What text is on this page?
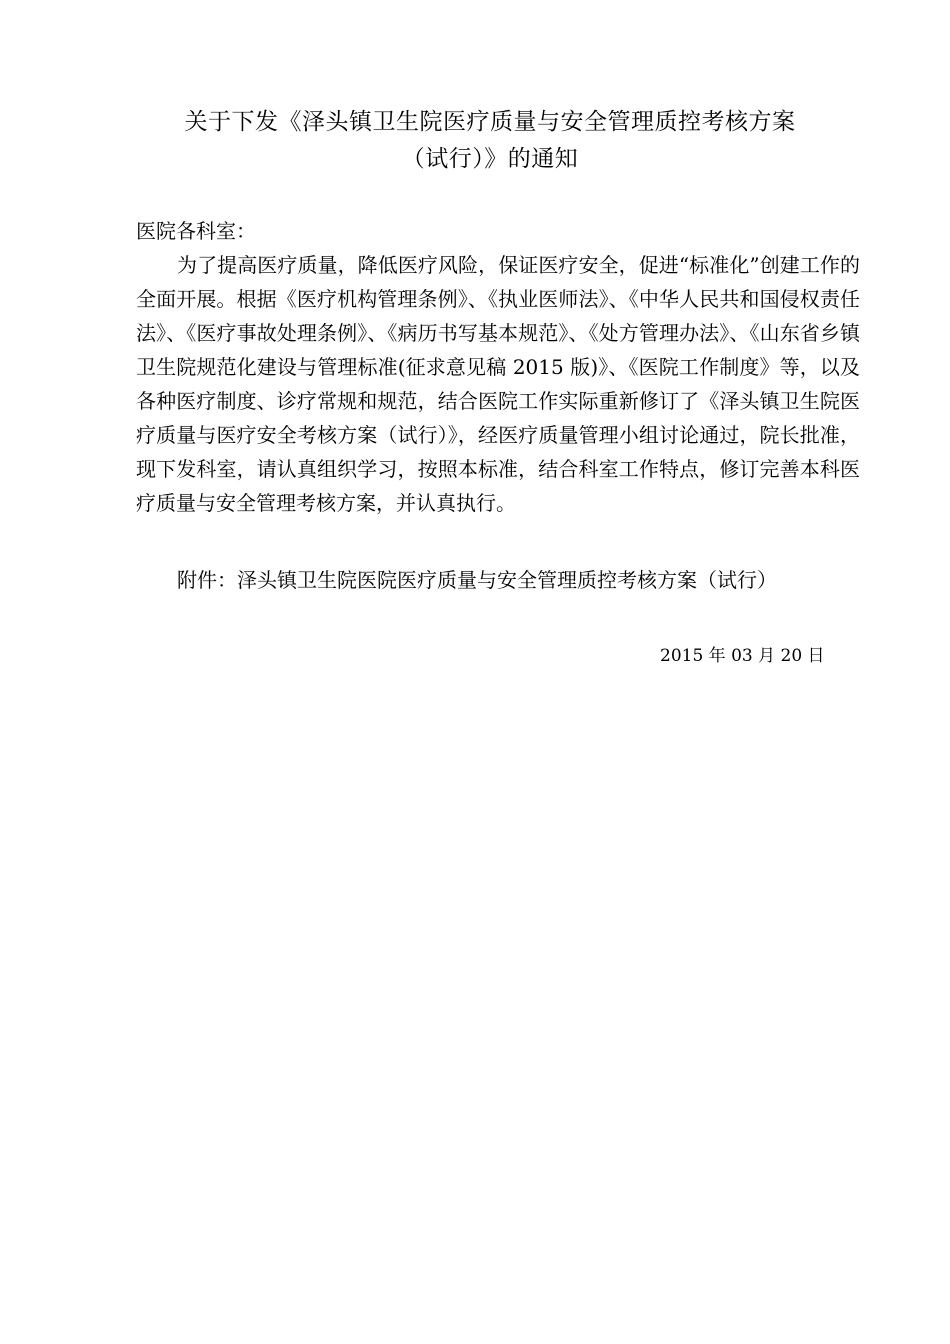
关于下发《泽头镇卫生院医疗质量与安全管理质控考核方案
（试行）》的通知
医院各科室：
为了提高医疗质量，降低医疗风险，保证医疗安全，促进“标准化”创建工作的全面开展。根据《医疗机构管理条例》、《执业医师法》、《中华人民共和国侵权责任法》、《医疗事故处理条例》、《病历书写基本规范》、《处方管理办法》、《山东省乡镇卫生院规范化建设与管理标准(征求意见稿 2015 版)》、《医院工作制度》等，以及各种医疗制度、诊疗常规和规范，结合医院工作实际重新修订了《泽头镇卫生院医疗质量与医疗安全考核方案（试行）》，经医疗质量管理小组讨论通过，院长批准，现下发科室，请认真组织学习，按照本标准，结合科室工作特点，修订完善本科医疗质量与安全管理考核方案，并认真执行。
附件：泽头镇卫生院医院医疗质量与安全管理质控考核方案（试行）
2015 年 03 月 20 日
